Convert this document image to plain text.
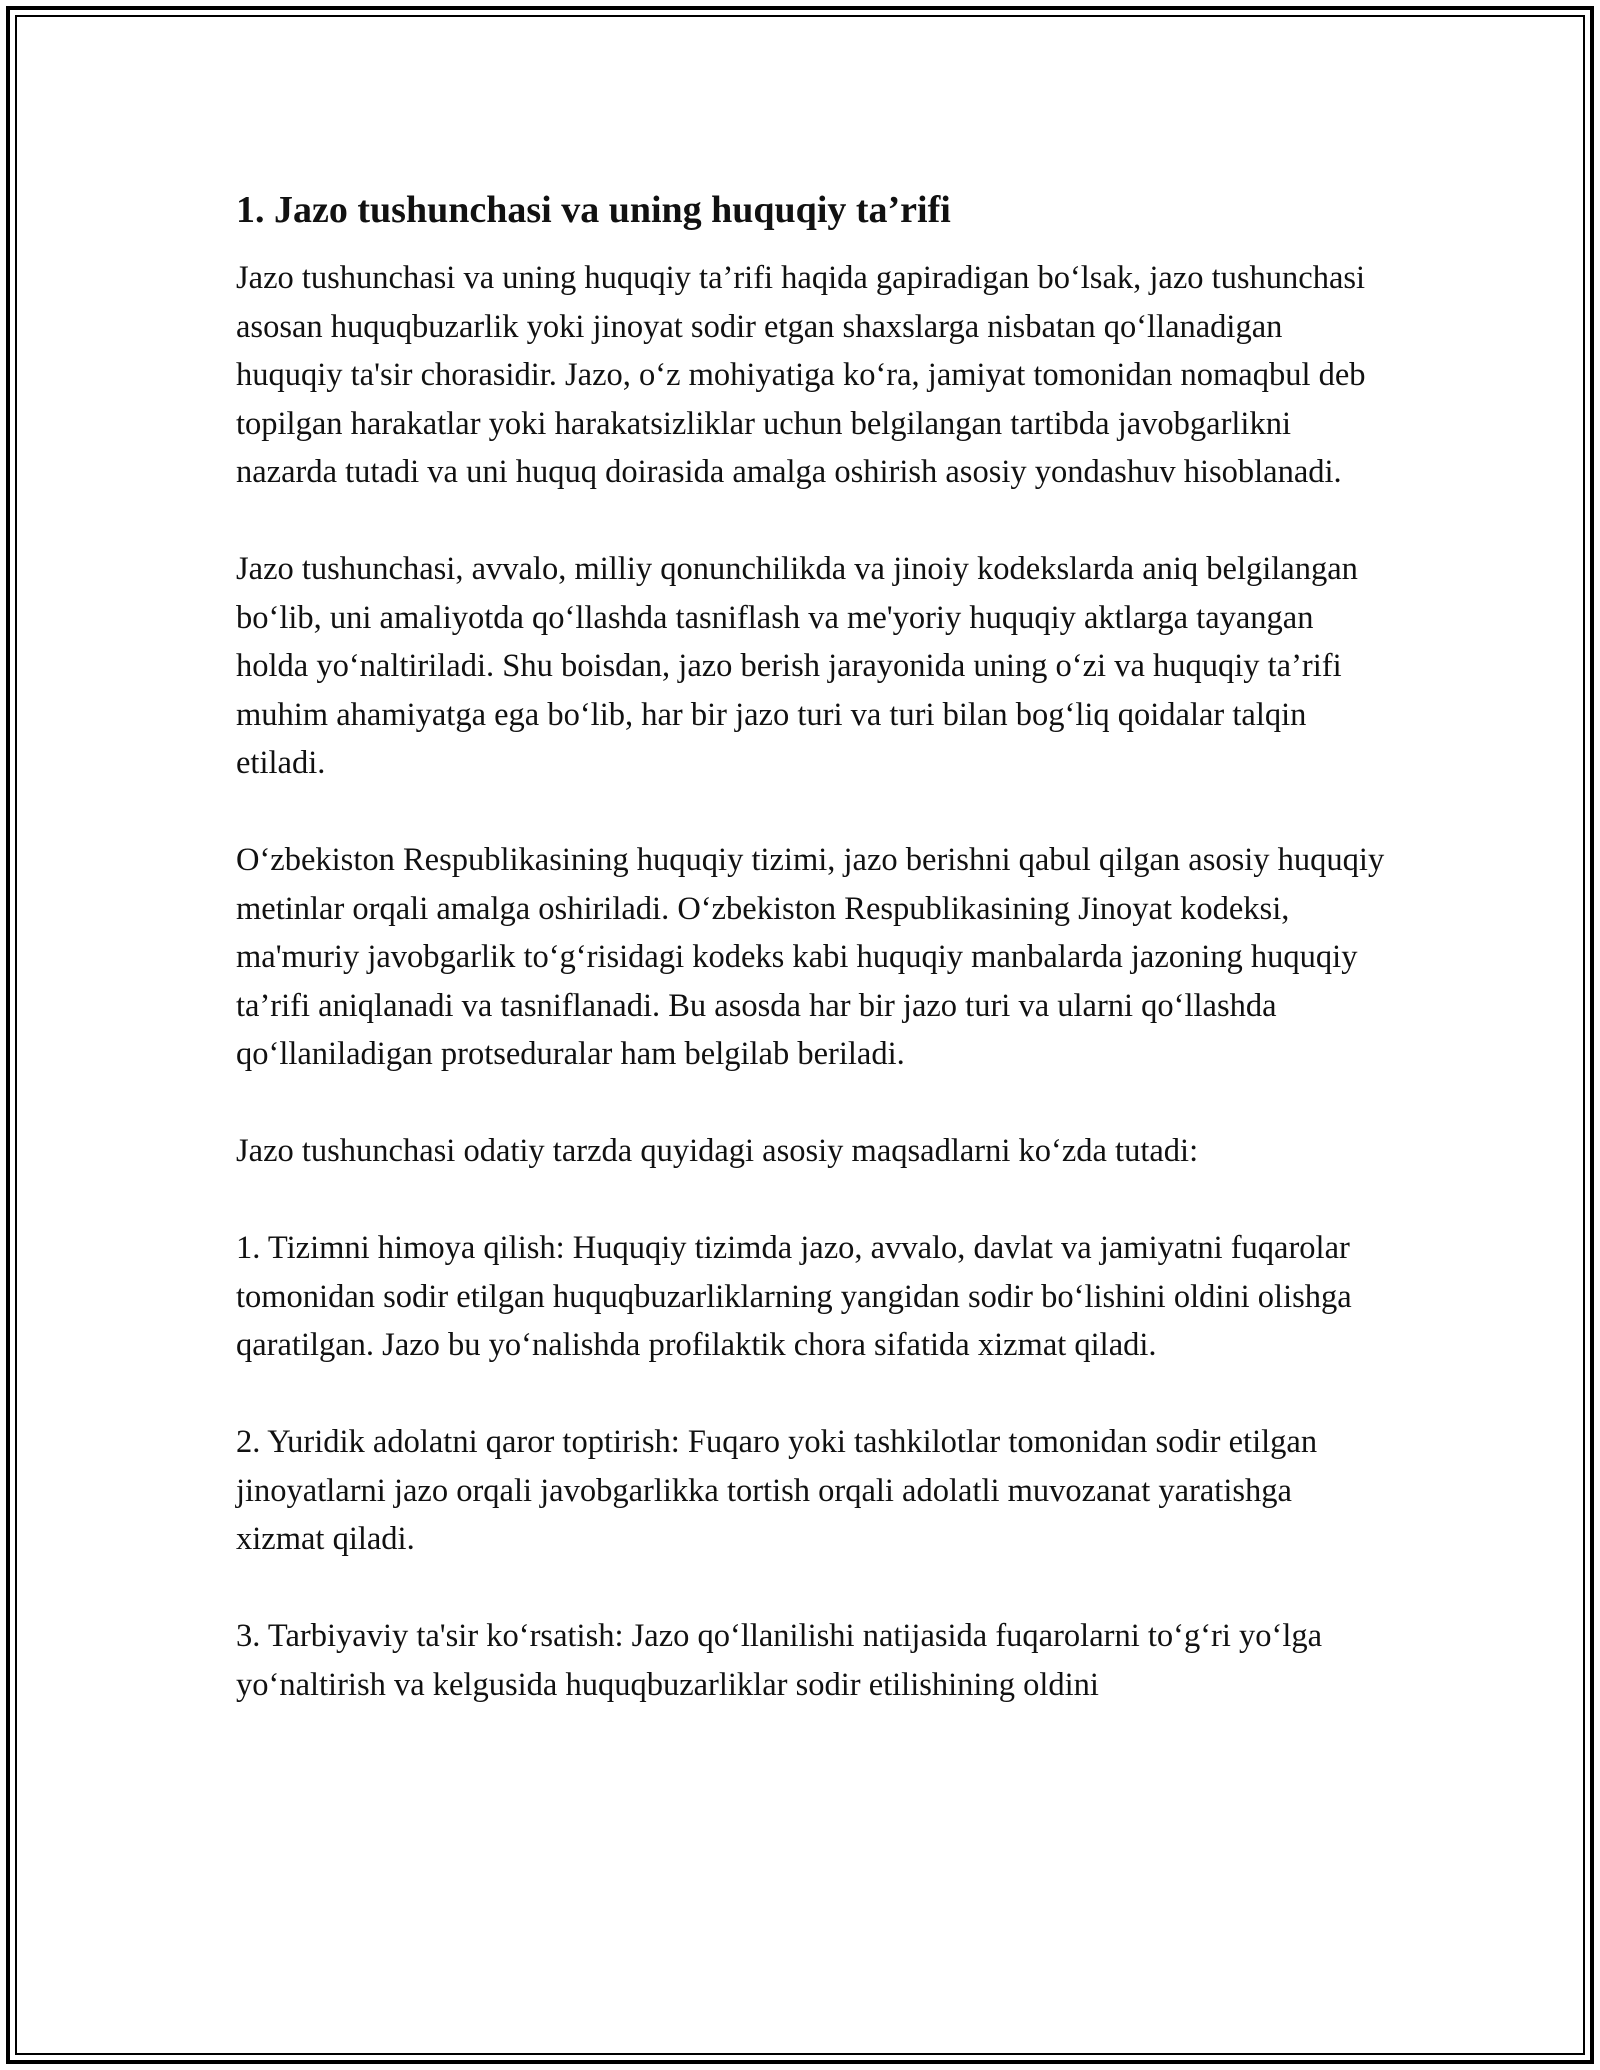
1. Jazo tushunchasi va uning huquqiy ta’rifi

Jazo tushunchasi va uning huquqiy ta’rifi haqida gapiradigan bo‘lsak, jazo tushunchasi asosan huquqbuzarlik yoki jinoyat sodir etgan shaxslarga nisbatan qo‘llanadigan huquqiy ta'sir chorasidir. Jazo, o‘z mohiyatiga ko‘ra, jamiyat tomonidan nomaqbul deb topilgan harakatlar yoki harakatsizliklar uchun belgilangan tartibda javobgarlikni nazarda tutadi va uni huquq doirasida amalga oshirish asosiy yondashuv hisoblanadi.

Jazo tushunchasi, avvalo, milliy qonunchilikda va jinoiy kodekslarda aniq belgilangan bo‘lib, uni amaliyotda qo‘llashda tasniflash va me'yoriy huquqiy aktlarga tayangan holda yo‘naltiriladi. Shu boisdan, jazo berish jarayonida uning o‘zi va huquqiy ta’rifi muhim ahamiyatga ega bo‘lib, har bir jazo turi va turi bilan bog‘liq qoidalar talqin etiladi.

O‘zbekiston Respublikasining huquqiy tizimi, jazo berishni qabul qilgan asosiy huquqiy metinlar orqali amalga oshiriladi. O‘zbekiston Respublikasining Jinoyat kodeksi, ma'muriy javobgarlik to‘g‘risidagi kodeks kabi huquqiy manbalarda jazoning huquqiy ta’rifi aniqlanadi va tasniflanadi. Bu asosda har bir jazo turi va ularni qo‘llashda qo‘llaniladigan protseduralar ham belgilab beriladi.

Jazo tushunchasi odatiy tarzda quyidagi asosiy maqsadlarni ko‘zda tutadi:

1. Tizimni himoya qilish: Huquqiy tizimda jazo, avvalo, davlat va jamiyatni fuqarolar tomonidan sodir etilgan huquqbuzarliklarning yangidan sodir bo‘lishini oldini olishga qaratilgan. Jazo bu yo‘nalishda profilaktik chora sifatida xizmat qiladi.

2. Yuridik adolatni qaror toptirish: Fuqaro yoki tashkilotlar tomonidan sodir etilgan jinoyatlarni jazo orqali javobgarlikka tortish orqali adolatli muvozanat yaratishga xizmat qiladi.

3. Tarbiyaviy ta'sir ko‘rsatish: Jazo qo‘llanilishi natijasida fuqarolarni to‘g‘ri yo‘lga yo‘naltirish va kelgusida huquqbuzarliklar sodir etilishining oldini
